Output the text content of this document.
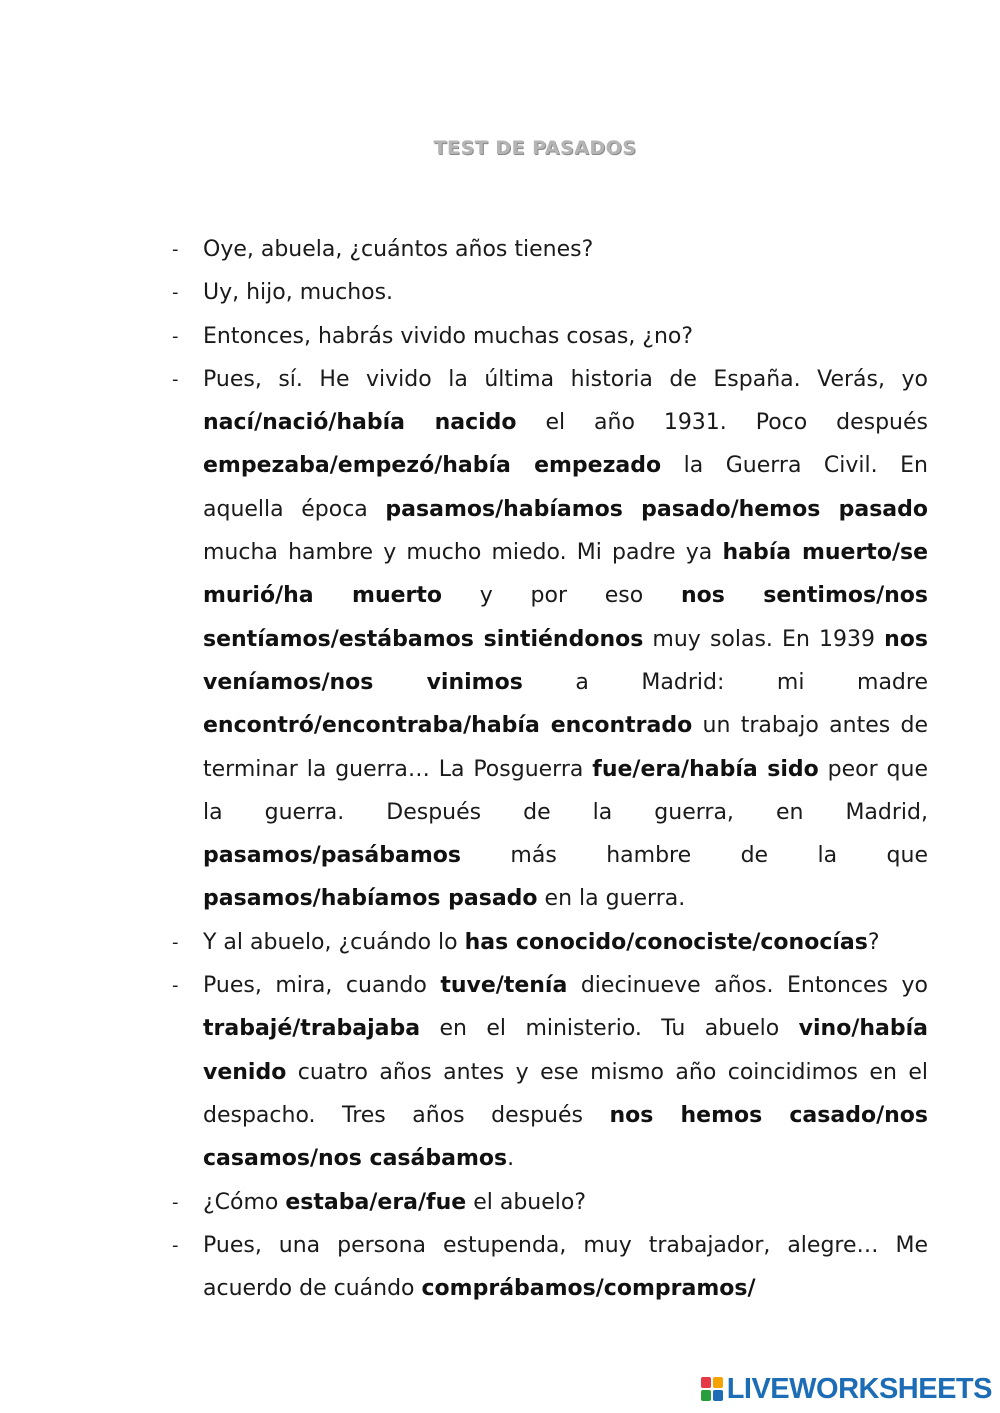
TEST DE PASADOS
- Oye, abuela, ¿cuántos años tienes?
- Uy, hijo, muchos.
- Entonces, habrás vivido muchas cosas, ¿no?
- Pues, sí. He vivido la última historia de España. Verás, yo nací/nació/había nacido el año 1931. Poco después empezaba/empezó/había empezado la Guerra Civil. En aquella época pasamos/habíamos pasado/hemos pasado mucha hambre y mucho miedo. Mi padre ya había muerto/se murió/ha muerto y por eso nos sentimos/nos sentíamos/estábamos sintiéndonos muy solas. En 1939 nos veníamos/nos vinimos a Madrid: mi madre encontró/encontraba/había encontrado un trabajo antes de terminar la guerra… La Posguerra fue/era/había sido peor que la guerra. Después de la guerra, en Madrid, pasamos/pasábamos más hambre de la que pasamos/habíamos pasado en la guerra.
- Y al abuelo, ¿cuándo lo has conocido/conociste/conocías?
- Pues, mira, cuando tuve/tenía diecinueve años. Entonces yo trabajé/trabajaba en el ministerio. Tu abuelo vino/había venido cuatro años antes y ese mismo año coincidimos en el despacho. Tres años después nos hemos casado/nos casamos/nos casábamos.
- ¿Cómo estaba/era/fue el abuelo?
- Pues, una persona estupenda, muy trabajador, alegre… Me acuerdo de cuándo comprábamos/compramos/
LIVEWORKSHEETS
